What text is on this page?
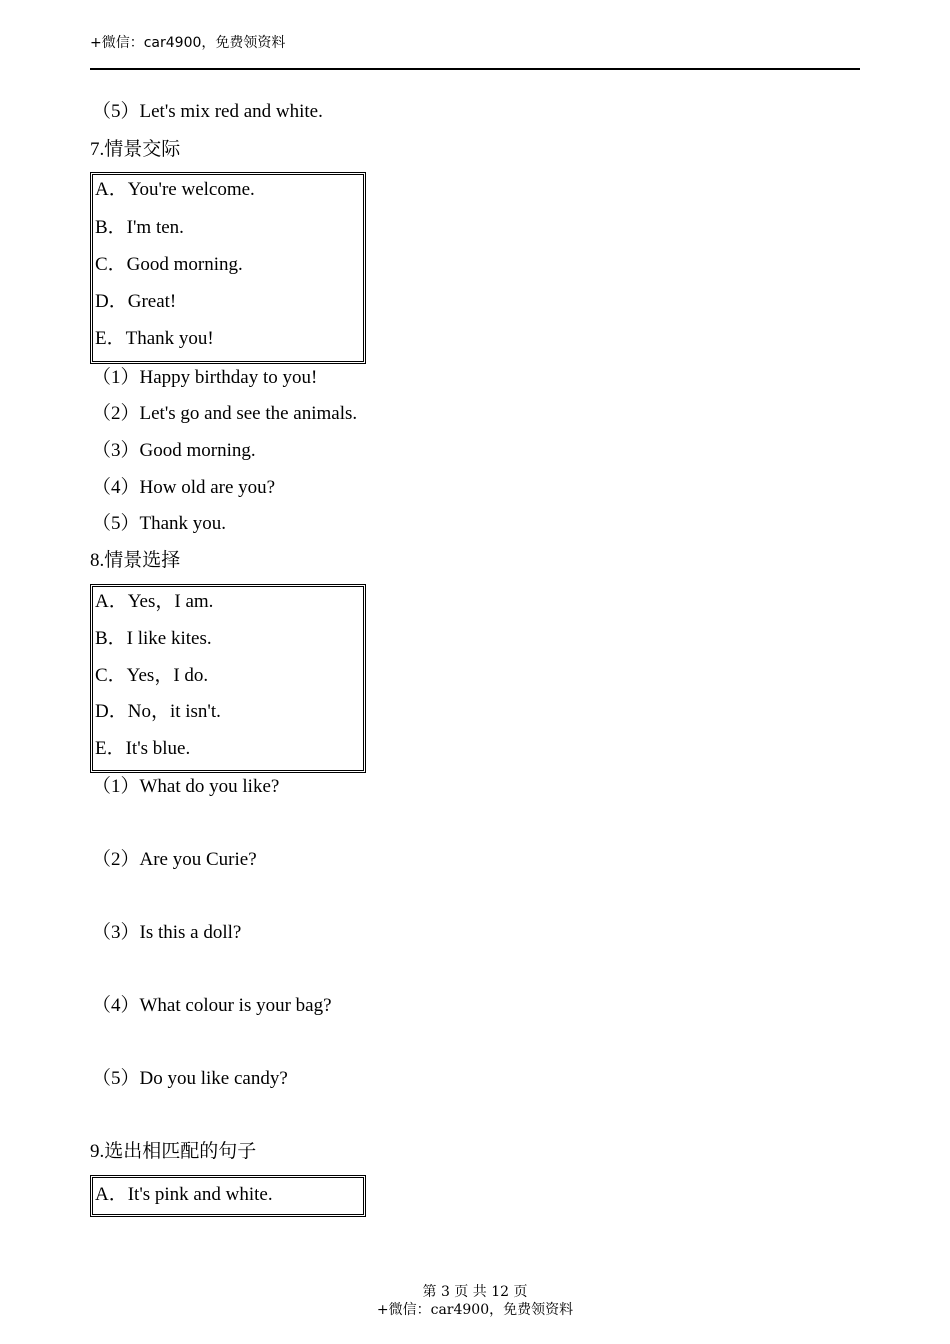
+微信：car4900，免费领资料
（5）Let's mix red and white.
7.情景交际
A．You're welcome.
B．I'm ten.
C．Good morning.
D．Great!
E．Thank you!
（1）Happy birthday to you!
（2）Let's go and see the animals.
（3）Good morning.
（4）How old are you?
（5）Thank you.
8.情景选择
A．Yes，I am.
B．I like kites.
C．Yes，I do.
D．No，it isn't.
E．It's blue.
（1）What do you like?
（2）Are you Curie?
（3）Is this a doll?
（4）What colour is your bag?
（5）Do you like candy?
9.选出相匹配的句子
A．It's pink and white.
第 3 页 共 12 页
+微信：car4900，免费领资料
